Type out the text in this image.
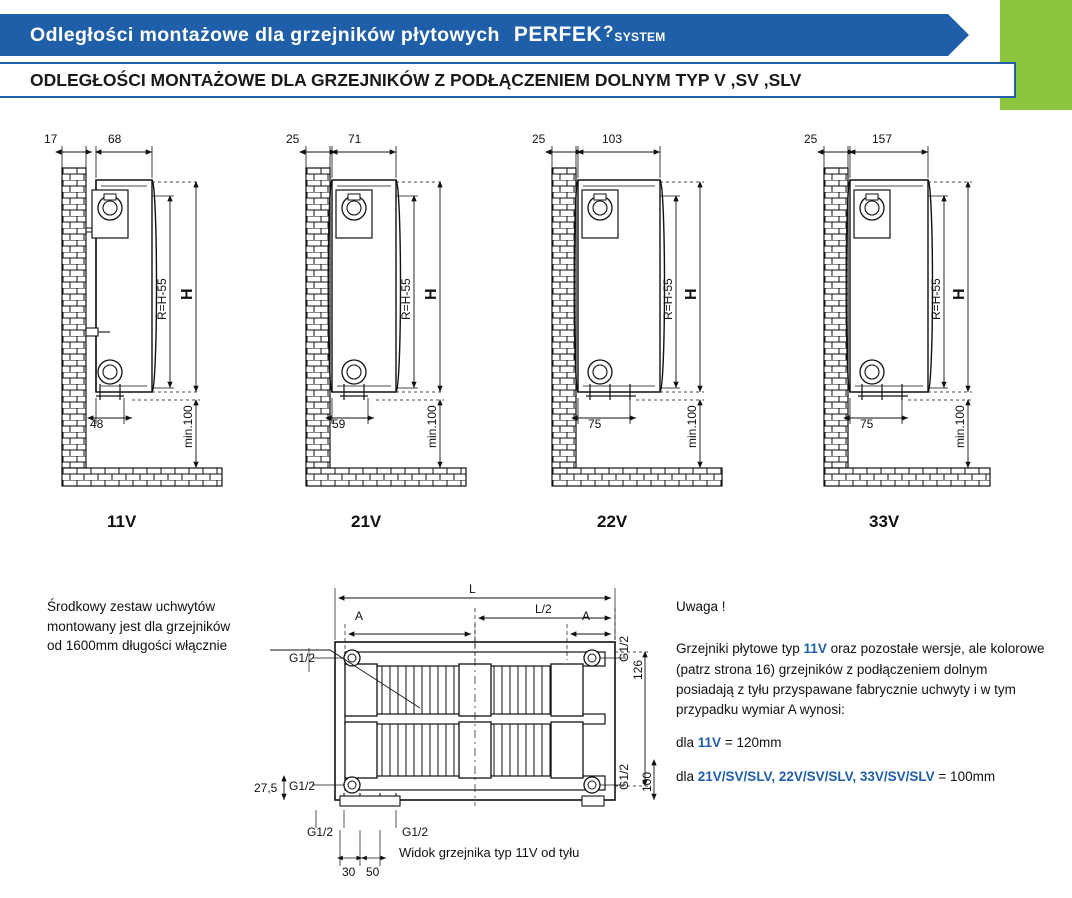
Odległości montażowe dla grzejników płytowych PERFEK ? SYSTEM
ODLEGŁOŚCI MONTAŻOWE DLA GRZEJNIKÓW Z PODŁĄCZENIEM DOLNYM TYP V ,SV ,SLV
17	68
R=H-55 H
48	min.100
25	71
R=H-55 H
59	min.100
25	103
R=H-55 H
75	min.100
25	157
R=H-55 H
75	min.100
L
L/2
A	A
G1/2	G1/2
126
G1/2 100
G1/2
27,5
G1/2	G1/2
30 50
11V	21V	22V	33V
Środkowy zestaw uchwytów
montowany jest dla grzejników
od 1600mm długości włącznie
Uwaga !
Grzejniki płytowe typ 11V oraz pozostałe wersje, ale kolorowe (patrz strona 16) grzejników z podłączeniem dolnym posiadają z tyłu przyspawane fabrycznie uchwyty i w tym przypadku wymiar A wynosi:
dla 11V = 120mm
dla 21V/SV/SLV, 22V/SV/SLV, 33V/SV/SLV = 100mm
Widok grzejnika typ 11V od tyłu
